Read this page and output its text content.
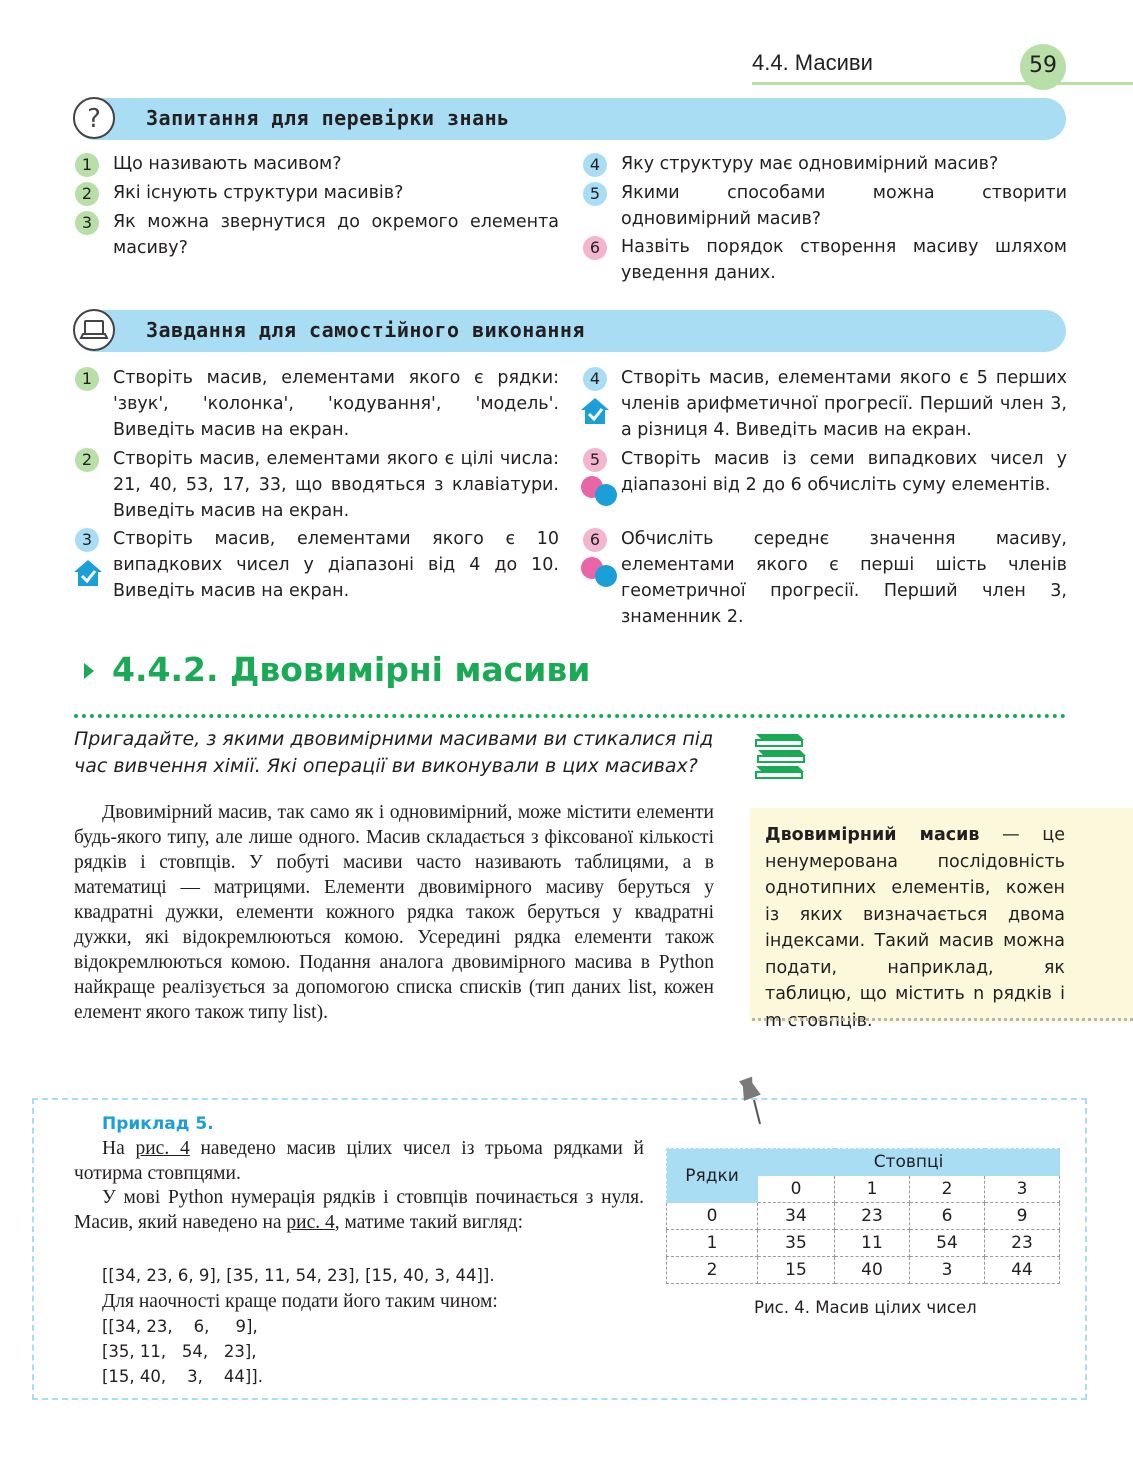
4.4. Масиви	59
? Запитання для перевірки знань
1	Що називають масивом?
2	Які існують структури масивів?
3	Як можна звернутися до окремого елемента масиву?
4	Яку структуру має одновимірний масив?
5	Якими способами можна створити одновимірний масив?
6	Назвіть порядок створення масиву шляхом уведення даних.
Завдання для самостійного виконання
1	Створіть масив, елементами якого є рядки: 'звук', 'колонка', 'кодування', 'модель'. Виведіть масив на екран.
2	Створіть масив, елементами якого є цілі числа: 21, 40, 53, 17, 33, що вводяться з клавіатури. Виведіть масив на екран.
3	Створіть масив, елементами якого є 10 випадкових чисел у діапазоні від 4 до 10. Виведіть масив на екран.
4	Створіть масив, елементами якого є 5 перших членів арифметичної прогресії. Перший член 3, а різниця 4. Виведіть масив на екран.
5	Створіть масив із семи випадкових чисел у діапазоні від 2 до 6 обчисліть суму елементів.
6	Обчисліть середнє значення масиву, елементами якого є перші шість членів геометричної прогресії. Перший член 3, знаменник 2.
4.4.2. Двовимірні масиви
Пригадайте, з якими двовимірними масивами ви стикалися під час вивчення хімії. Які операції ви виконували в цих масивах?
Двовимірний масив, так само як і одновимірний, може містити елементи будь-якого типу, але лише одного. Масив складається з фіксованої кількості рядків і стовпців. У побуті масиви часто називають таблицями, а в математиці — матрицями. Елементи двовимірного масиву беруться у квадратні дужки, елементи кожного рядка також беруться у квадратні дужки, які відокремлюються комою. Усередині рядка елементи також відокремлюються комою. Подання аналога двовимірного масива в Python найкраще реалізується за допомогою списка списків (тип даних list, кожен елемент якого також типу list).
Двовимірний масив — це ненумерована послідовність однотипних елементів, кожен із яких визначається двома індексами. Такий масив можна подати, наприклад, як таблицю, що містить n рядків і m стовпців.
Приклад 5.
На рис. 4 наведено масив цілих чисел із трьома рядками й чотирма стовпцями.
У мові Python нумерація рядків і стовпців починається з нуля. Масив, який наведено на рис. 4, матиме такий вигляд:
[[34, 23, 6, 9], [35, 11, 54, 23], [15, 40, 3, 44]].
Для наочності краще подати його таким чином:
[[34, 23,    6,     9],
[35, 11,   54,   23],
[15, 40,    3,    44]].
Рядки	Стовпці			
	0	1	2	3
0	34	23	6	9
1	35	11	54	23
2	15	40	3	44
Рис. 4. Масив цілих чисел
